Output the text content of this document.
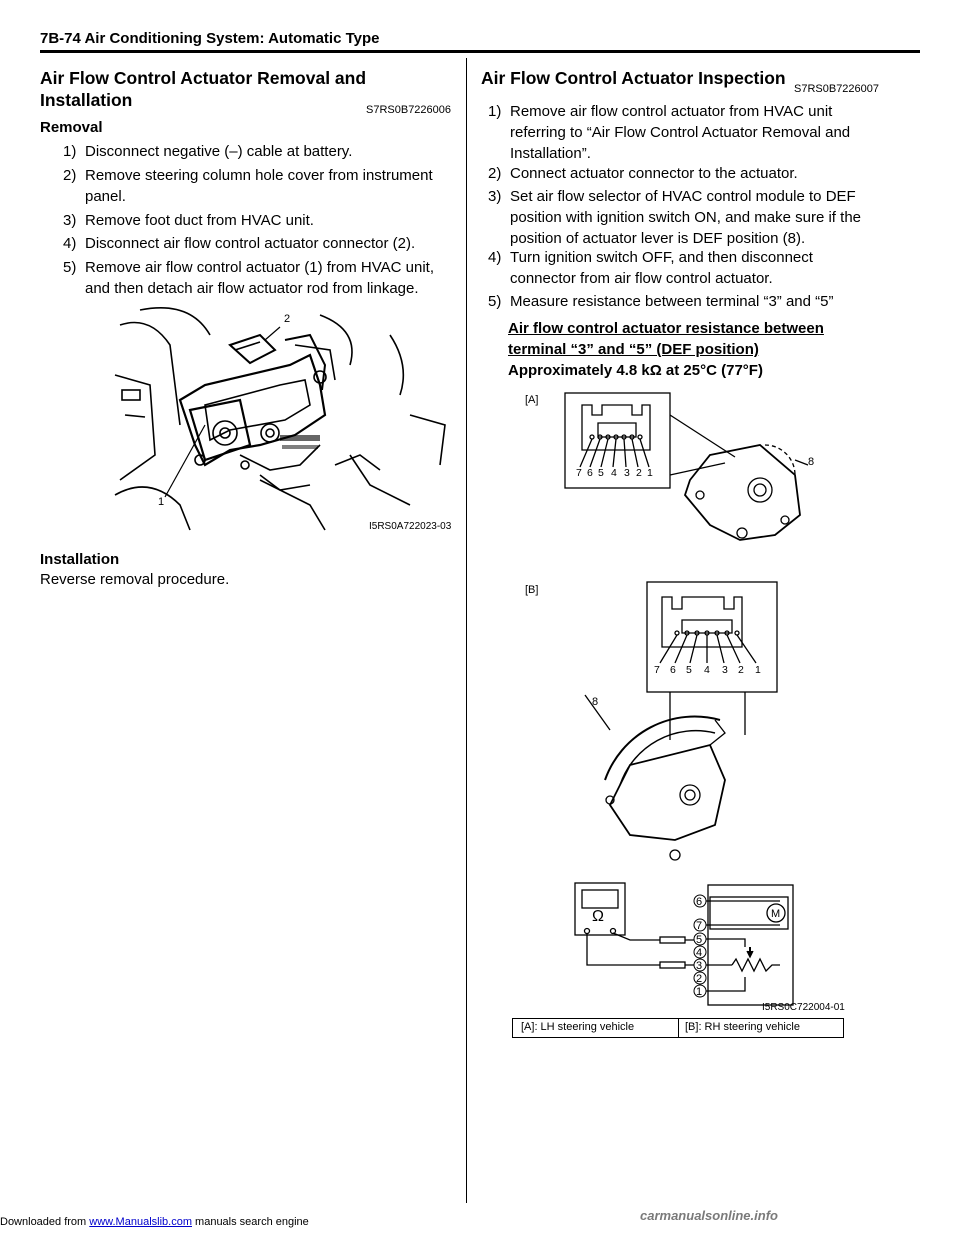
7B-74 Air Conditioning System: Automatic Type
Air Flow Control Actuator Removal and
Installation	S7RS0B7226006
Removal
1) Disconnect negative (–) cable at battery.
2) Remove steering column hole cover from instrument
panel.
3) Remove foot duct from HVAC unit.
4) Disconnect air flow control actuator connector (2).
5) Remove air flow control actuator (1) from HVAC unit,
and then detach air flow actuator rod from linkage.
2
1
I5RS0A722023-03
Installation
Reverse removal procedure.
Air Flow Control Actuator Inspection
S7RS0B7226007
1) Remove air flow control actuator from HVAC unit
referring to “Air Flow Control Actuator Removal and
Installation”.
2) Connect actuator connector to the actuator.
3) Set air flow selector of HVAC control module to DEF
position with ignition switch ON, and make sure if the
position of actuator lever is DEF position (8).
4) Turn ignition switch OFF, and then disconnect
connector from air flow control actuator.
5) Measure resistance between terminal “3” and “5”
Air flow control actuator resistance between
terminal “3” and “5” (DEF position)
Approximately 4.8 kΩ at 25°C (77°F)
[A]
[B]
8
8
7 6 5 4 3 2 1
7 6 5 4 3 2 1
Ω	M
6
7
5
4
3
2
1
I5RS0C722004-01
[A]: LH steering vehicle	[B]: RH steering vehicle
Downloaded from www.Manualslib.com manuals search engine	carmanualsonline.info
